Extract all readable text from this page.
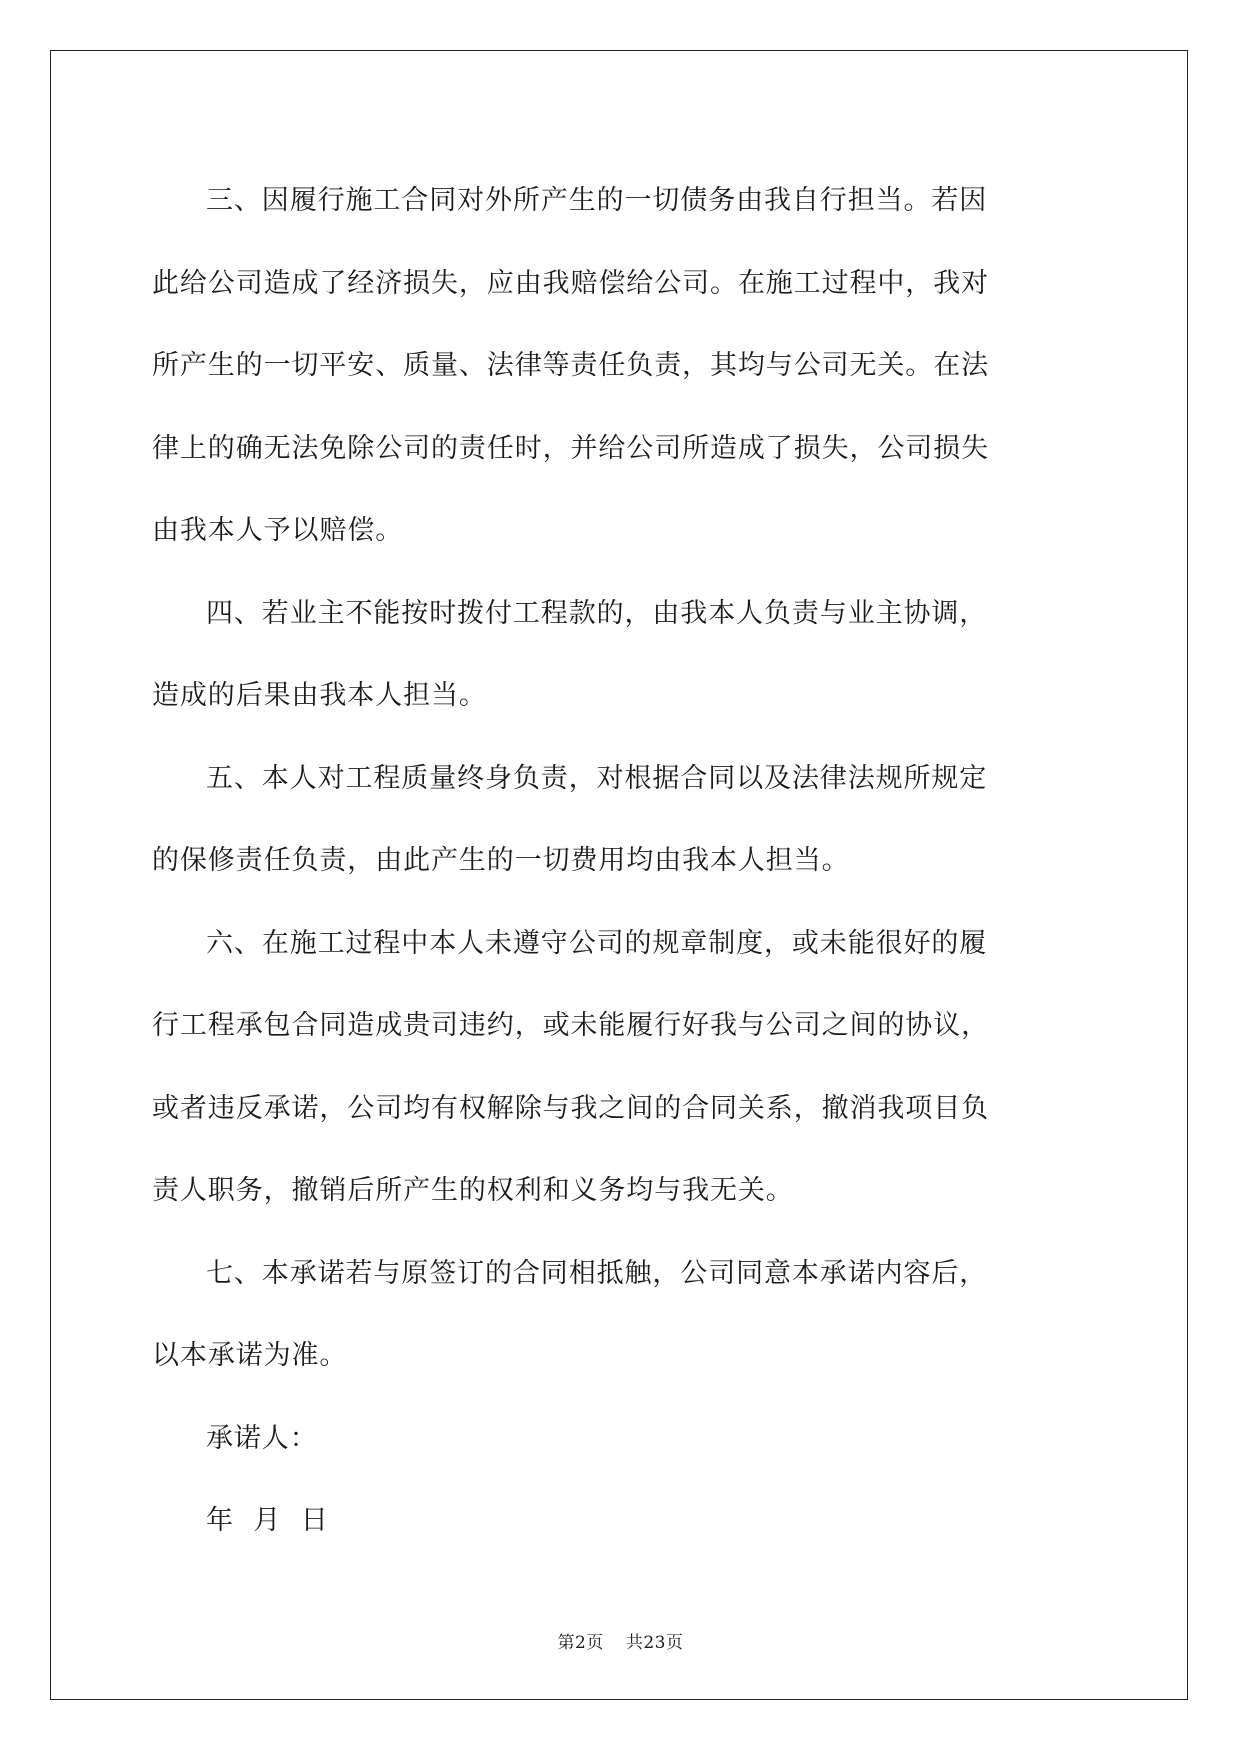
三、因履行施工合同对外所产生的一切债务由我自行担当。若因
此给公司造成了经济损失，应由我赔偿给公司。在施工过程中，我对
所产生的一切平安、质量、法律等责任负责，其均与公司无关。在法
律上的确无法免除公司的责任时，并给公司所造成了损失，公司损失
由我本人予以赔偿。

四、若业主不能按时拨付工程款的，由我本人负责与业主协调，
造成的后果由我本人担当。

五、本人对工程质量终身负责，对根据合同以及法律法规所规定
的保修责任负责，由此产生的一切费用均由我本人担当。

六、在施工过程中本人未遵守公司的规章制度，或未能很好的履
行工程承包合同造成贵司违约，或未能履行好我与公司之间的协议，
或者违反承诺，公司均有权解除与我之间的合同关系，撤消我项目负
责人职务，撤销后所产生的权利和义务均与我无关。

七、本承诺若与原签订的合同相抵触，公司同意本承诺内容后，
以本承诺为准。

承诺人：

年 月 日

第2页 共23页
